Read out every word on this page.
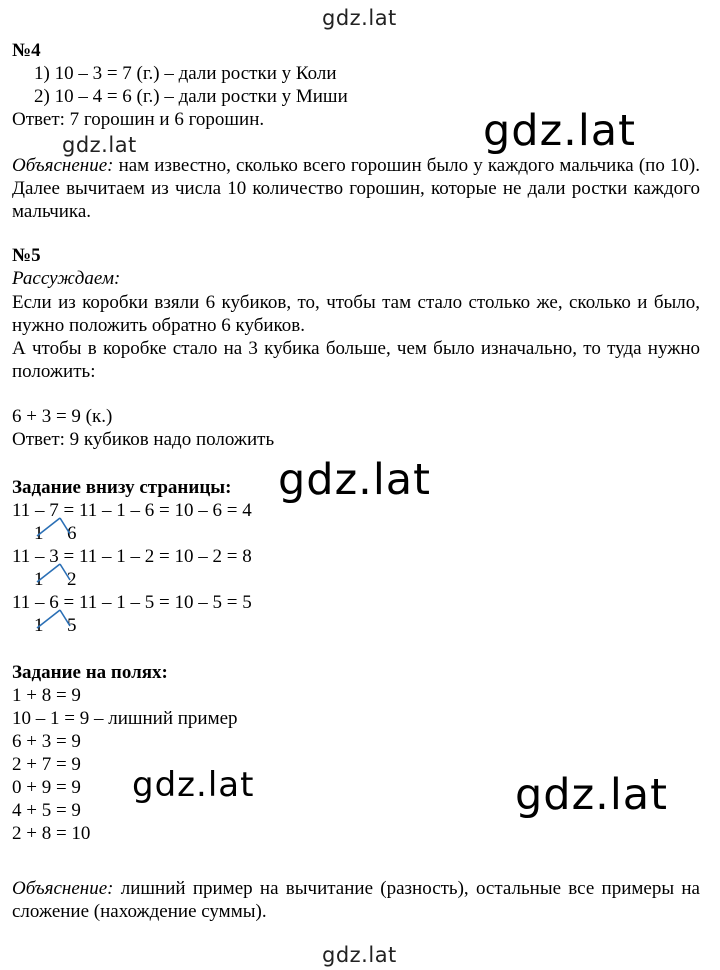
gdz.lat
gdz.lat	gdz.lat
gdz.lat
gdz.lat	gdz.lat
gdz.lat
№4
1) 10 – 3 = 7 (г.) – дали ростки у Коли
2) 10 – 4 = 6 (г.) – дали ростки у Миши
Ответ: 7 горошин и 6 горошин.
Объяснение: нам известно, сколько всего горошин было у каждого мальчика (по 10). Далее вычитаем из числа 10 количество горошин, которые не дали ростки каждого мальчика.
№5
Рассуждаем:
Если из коробки взяли 6 кубиков, то, чтобы там стало столько же, сколько и было, нужно положить обратно 6 кубиков.
А чтобы в коробке стало на 3 кубика больше, чем было изначально, то туда нужно положить:
6 + 3 = 9 (к.)
Ответ: 9 кубиков надо положить
Задание внизу страницы:
11 – 7 = 11 – 1 – 6 = 10 – 6 = 4
1 6
11 – 3 = 11 – 1 – 2 = 10 – 2 = 8
1 2
11 – 6 = 11 – 1 – 5 = 10 – 5 = 5
1 5
Задание на полях:
1 + 8 = 9
10 – 1 = 9 – лишний пример
6 + 3 = 9
2 + 7 = 9
0 + 9 = 9
4 + 5 = 9
2 + 8 = 10
Объяснение: лишний пример на вычитание (разность), остальные все примеры на сложение (нахождение суммы).
